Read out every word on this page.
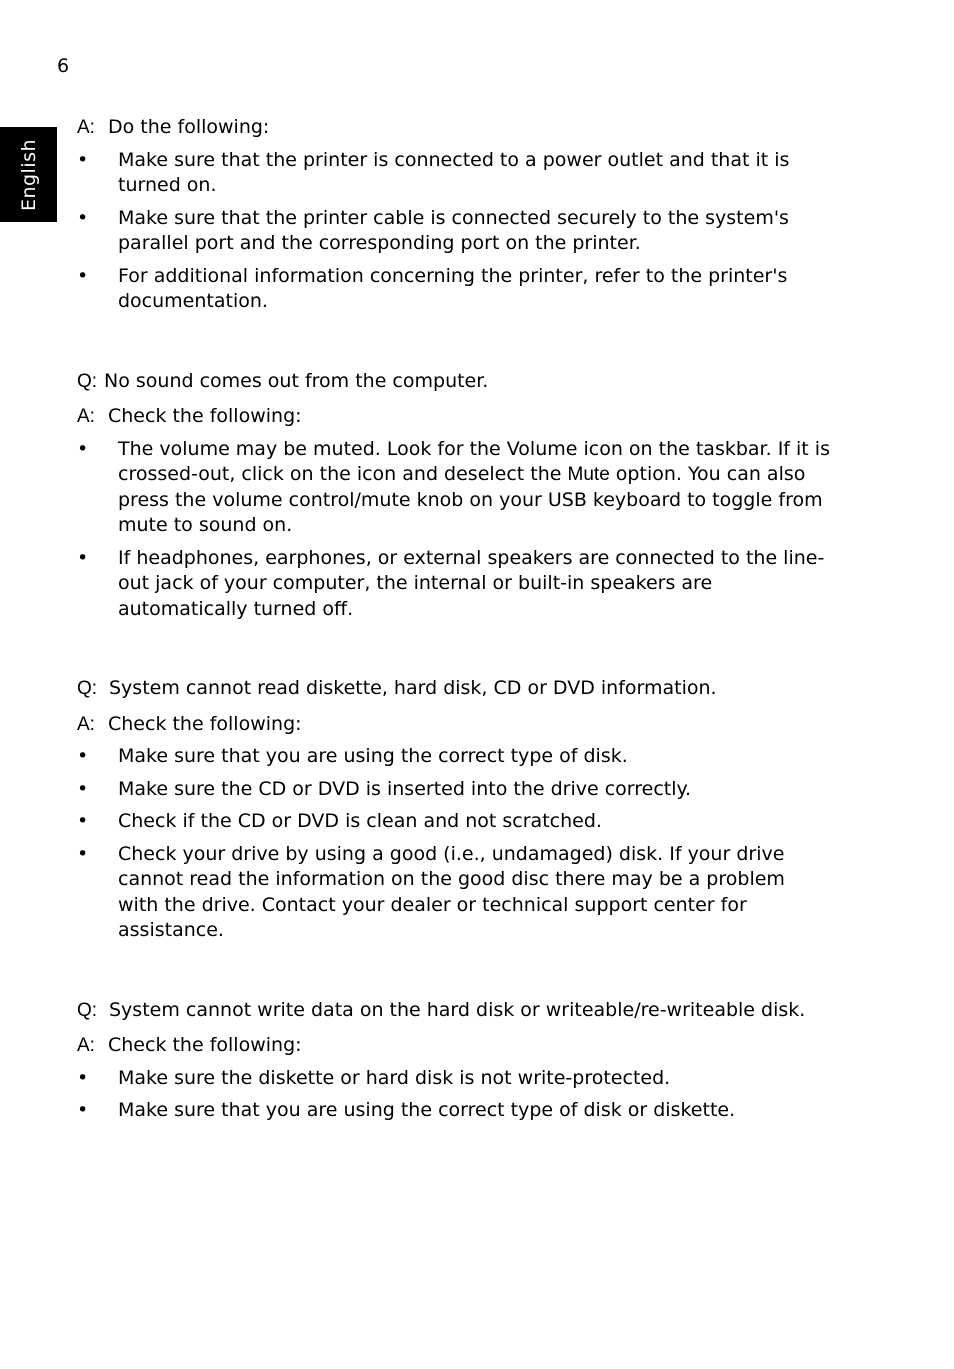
6
English

A: Do the following:

• Make sure that the printer is connected to a power outlet and that it is turned on.
• Make sure that the printer cable is connected securely to the system's parallel port and the corresponding port on the printer.
• For additional information concerning the printer, refer to the printer's documentation.

Q: No sound comes out from the computer.

A: Check the following:

• The volume may be muted. Look for the Volume icon on the taskbar. If it is crossed-out, click on the icon and deselect the Mute option. You can also press the volume control/mute knob on your USB keyboard to toggle from mute to sound on.
• If headphones, earphones, or external speakers are connected to the line-out jack of your computer, the internal or built-in speakers are automatically turned off.

Q: System cannot read diskette, hard disk, CD or DVD information.

A: Check the following:

• Make sure that you are using the correct type of disk.
• Make sure the CD or DVD is inserted into the drive correctly.
• Check if the CD or DVD is clean and not scratched.
• Check your drive by using a good (i.e., undamaged) disk. If your drive cannot read the information on the good disc there may be a problem with the drive. Contact your dealer or technical support center for assistance.

Q: System cannot write data on the hard disk or writeable/re-writeable disk.

A: Check the following:

• Make sure the diskette or hard disk is not write-protected.
• Make sure that you are using the correct type of disk or diskette.
